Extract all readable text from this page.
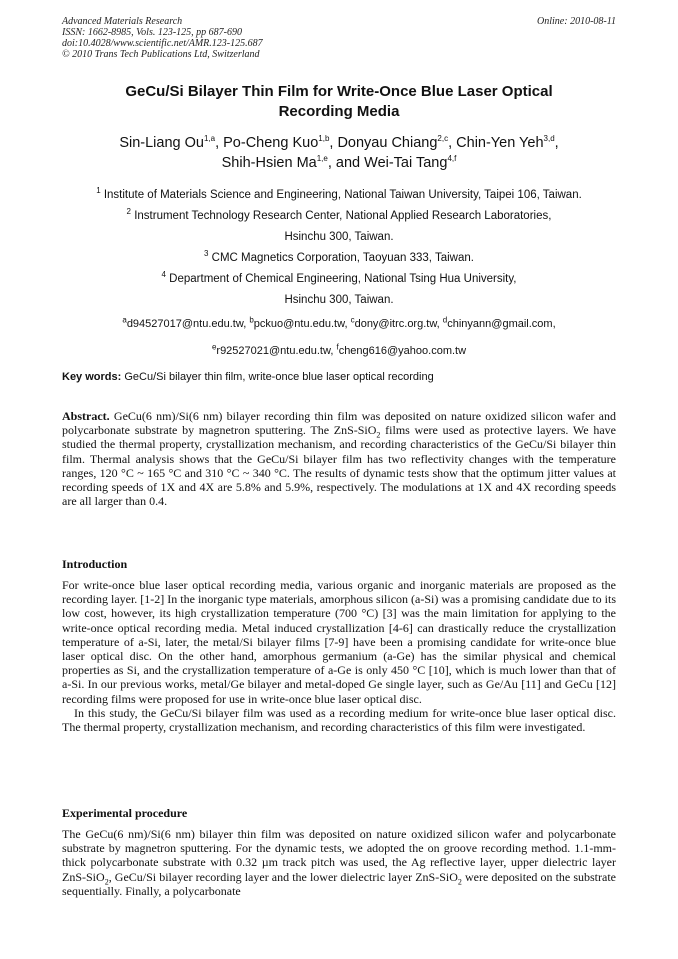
Advanced Materials Research
ISSN: 1662-8985, Vols. 123-125, pp 687-690
doi:10.4028/www.scientific.net/AMR.123-125.687
© 2010 Trans Tech Publications Ltd, Switzerland
Online: 2010-08-11
GeCu/Si Bilayer Thin Film for Write-Once Blue Laser Optical
Recording Media
Sin-Liang Ou$^{1,a}$, Po-Cheng Kuo$^{1,b}$, Donyau Chiang$^{2,c}$, Chin-Yen Yeh$^{3,d}$,
Shih-Hsien Ma$^{1,e}$, and Wei-Tai Tang$^{4,f}$
$^1$ Institute of Materials Science and Engineering, National Taiwan University, Taipei 106, Taiwan.
$^2$ Instrument Technology Research Center, National Applied Research Laboratories,
Hsinchu 300, Taiwan.
$^3$ CMC Magnetics Corporation, Taoyuan 333, Taiwan.
$^4$ Department of Chemical Engineering, National Tsing Hua University,
Hsinchu 300, Taiwan.
$^a$d94527017@ntu.edu.tw, $^b$pckuo@ntu.edu.tw, $^c$dony@itrc.org.tw, $^d$chinyann@gmail.com,
$^e$r92527021@ntu.edu.tw, $^f$cheng616@yahoo.com.tw
Key words: GeCu/Si bilayer thin film, write-once blue laser optical recording
Abstract. GeCu(6 nm)/Si(6 nm) bilayer recording thin film was deposited on nature oxidized silicon wafer and polycarbonate substrate by magnetron sputtering. The ZnS-SiO$_2$ films were used as protective layers. We have studied the thermal property, crystallization mechanism, and recording characteristics of the GeCu/Si bilayer thin film. Thermal analysis shows that the GeCu/Si bilayer film has two reflectivity changes with the temperature ranges, 120 °C ~ 165 °C and 310 °C ~ 340 °C. The results of dynamic tests show that the optimum jitter values at recording speeds of 1X and 4X are 5.8% and 5.9%, respectively. The modulations at 1X and 4X recording speeds are all larger than 0.4.
Introduction

For write-once blue laser optical recording media, various organic and inorganic materials are proposed as the recording layer. [1-2] In the inorganic type materials, amorphous silicon (a-Si) was a promising candidate due to its low cost, however, its high crystallization temperature (700 °C) [3] was the main limitation for applying to the write-once optical recording media. Metal induced crystallization [4-6] can drastically reduce the crystallization temperature of a-Si, later, the metal/Si bilayer films [7-9] have been a promising candidate for write-once blue laser optical disc. On the other hand, amorphous germanium (a-Ge) has the similar physical and chemical properties as Si, and the crystallization temperature of a-Ge is only 450 °C [10], which is much lower than that of a-Si. In our previous works, metal/Ge bilayer and metal-doped Ge single layer, such as Ge/Au [11] and GeCu [12] recording films were proposed for use in write-once blue laser optical disc.

In this study, the GeCu/Si bilayer film was used as a recording medium for write-once blue laser optical disc. The thermal property, crystallization mechanism, and recording characteristics of this film were investigated.

Experimental procedure
The GeCu(6 nm)/Si(6 nm) bilayer thin film was deposited on nature oxidized silicon wafer and polycarbonate substrate by magnetron sputtering. For the dynamic tests, we adopted the on groove recording method. 1.1-mm-thick polycarbonate substrate with 0.32 µm track pitch was used, the Ag reflective layer, upper dielectric layer ZnS-SiO$_2$, GeCu/Si bilayer recording layer and the lower dielectric layer ZnS-SiO$_2$ were deposited on the substrate sequentially. Finally, a polycarbonate
